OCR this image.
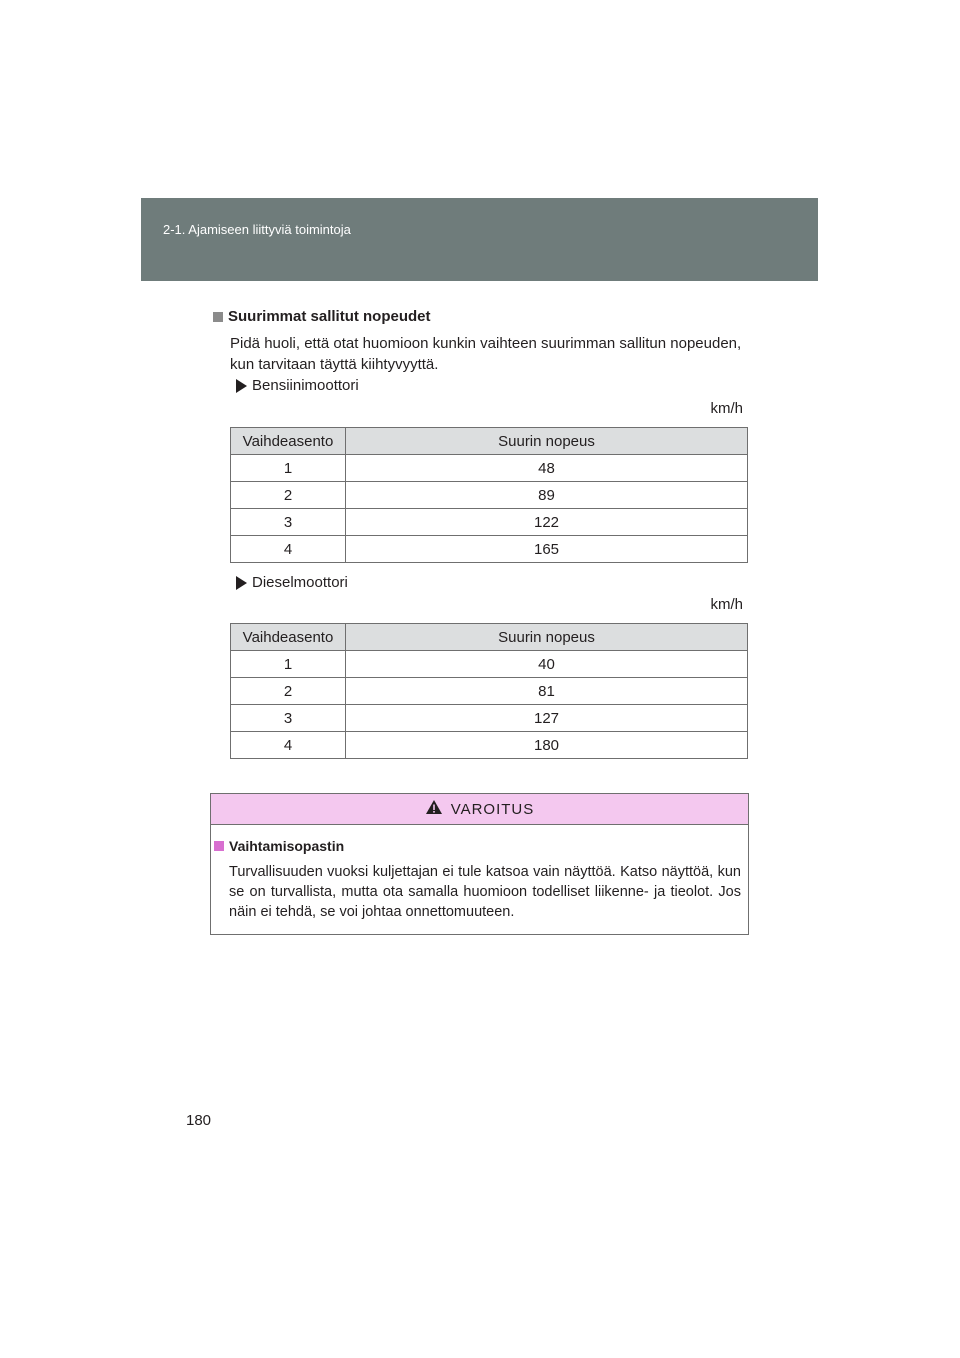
2-1. Ajamiseen liittyviä toimintoja
Suurimmat sallitut nopeudet
Pidä huoli, että otat huomioon kunkin vaihteen suurimman sallitun nopeuden, kun tarvitaan täyttä kiihtyvyyttä.
Bensiinimoottori
km/h
Vaihdeasento	Suurin nopeus
1	48
2	89
3	122
4	165
Dieselmoottori
km/h
Vaihdeasento	Suurin nopeus
1	40
2	81
3	127
4	180
VAROITUS
Vaihtamisopastin
Turvallisuuden vuoksi kuljettajan ei tule katsoa vain näyttöä. Katso näyttöä, kun se on turvallista, mutta ota samalla huomioon todelliset liikenne- ja tieolot. Jos näin ei tehdä, se voi johtaa onnettomuuteen.
180
